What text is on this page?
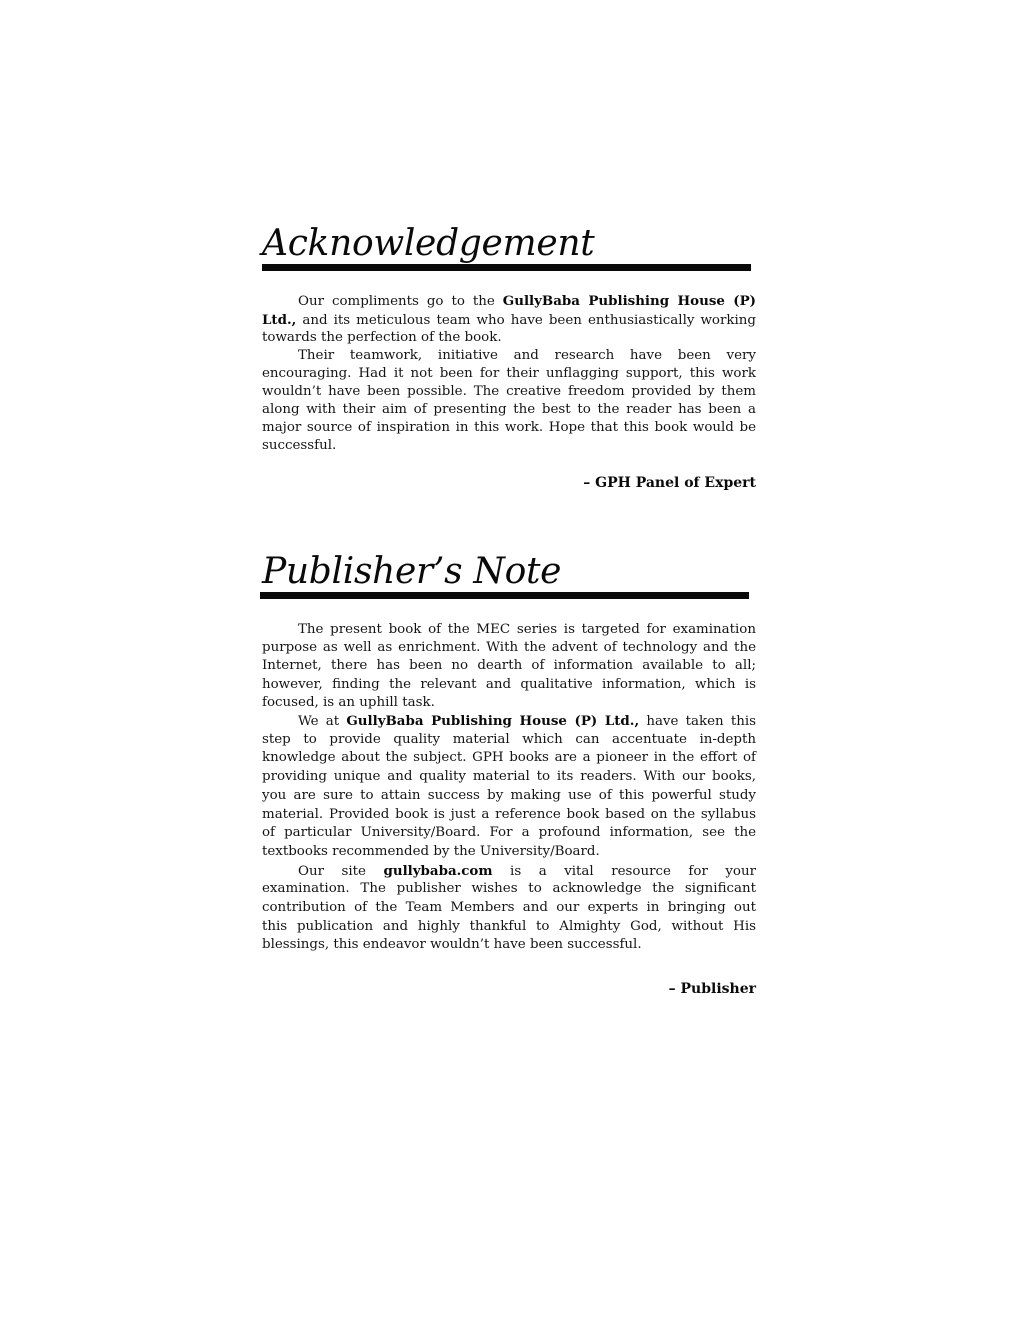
Acknowledgement
Our compliments go to the GullyBaba Publishing House (P)
Ltd., and its meticulous team who have been enthusiastically working
towards the perfection of the book.
Their teamwork, initiative and research have been very
encouraging. Had it not been for their unflagging support, this work
wouldn’t have been possible. The creative freedom provided by them
along with their aim of presenting the best to the reader has been a
major source of inspiration in this work. Hope that this book would be
successful.
– GPH Panel of Expert
Publisher’s Note
The present book of the MEC series is targeted for examination
purpose as well as enrichment. With the advent of technology and the
Internet, there has been no dearth of information available to all;
however, finding the relevant and qualitative information, which is
focused, is an uphill task.
We at GullyBaba Publishing House (P) Ltd., have taken this
step to provide quality material which can accentuate in-depth
knowledge about the subject. GPH books are a pioneer in the effort of
providing unique and quality material to its readers. With our books,
you are sure to attain success by making use of this powerful study
material. Provided book is just a reference book based on the syllabus
of particular University/Board. For a profound information, see the
textbooks recommended by the University/Board.
Our site gullybaba.com is a vital resource for your
examination. The publisher wishes to acknowledge the significant
contribution of the Team Members and our experts in bringing out
this publication and highly thankful to Almighty God, without His
blessings, this endeavor wouldn’t have been successful.
– Publisher
